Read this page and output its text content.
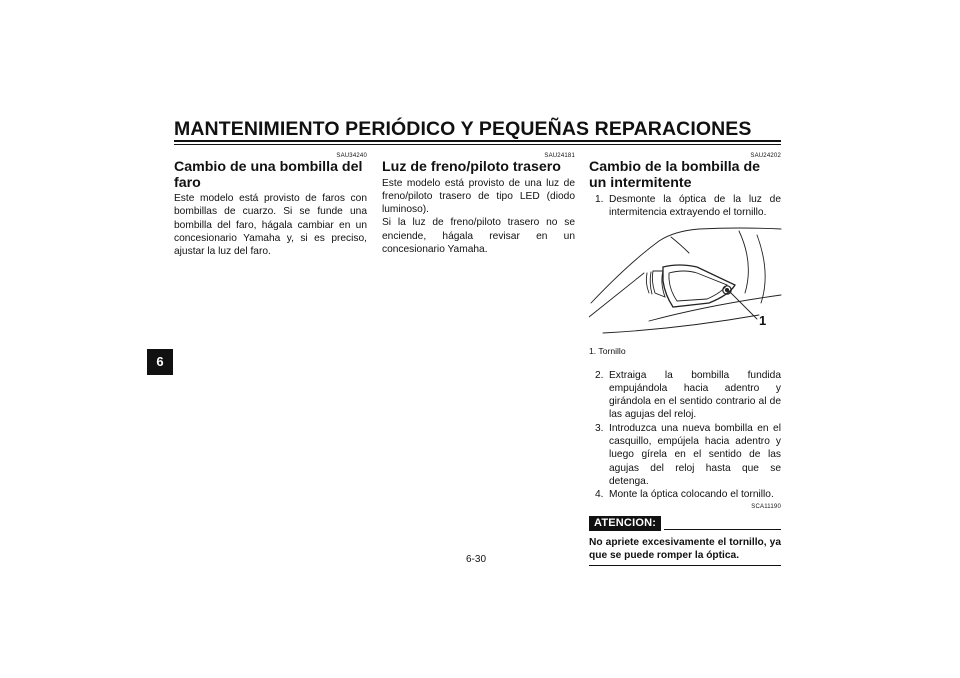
MANTENIMIENTO PERIÓDICO Y PEQUEÑAS REPARACIONES
6
SAU34240
Cambio de una bombilla del faro
Este modelo está provisto de faros con bombillas de cuarzo. Si se funde una bombilla del faro, hágala cambiar en un concesionario Yamaha y, si es preciso, ajustar la luz del faro.
SAU24181
Luz de freno/piloto trasero
Este modelo está provisto de una luz de freno/piloto trasero de tipo LED (diodo luminoso).
Si la luz de freno/piloto trasero no se enciende, hágala revisar en un concesionario Yamaha.
SAU24202
Cambio de la bombilla de un intermitente
1. Desmonte la óptica de la luz de intermitencia extrayendo el tornillo.
1
1. Tornillo
2. Extraiga la bombilla fundida empujándola hacia adentro y girándola en el sentido contrario al de las agujas del reloj.
3. Introduzca una nueva bombilla en el casquillo, empújela hacia adentro y luego gírela en el sentido de las agujas del reloj hasta que se detenga.
4. Monte la óptica colocando el tornillo.
SCA11190
ATENCION:
No apriete excesivamente el tornillo, ya que se puede romper la óptica.
6-30
